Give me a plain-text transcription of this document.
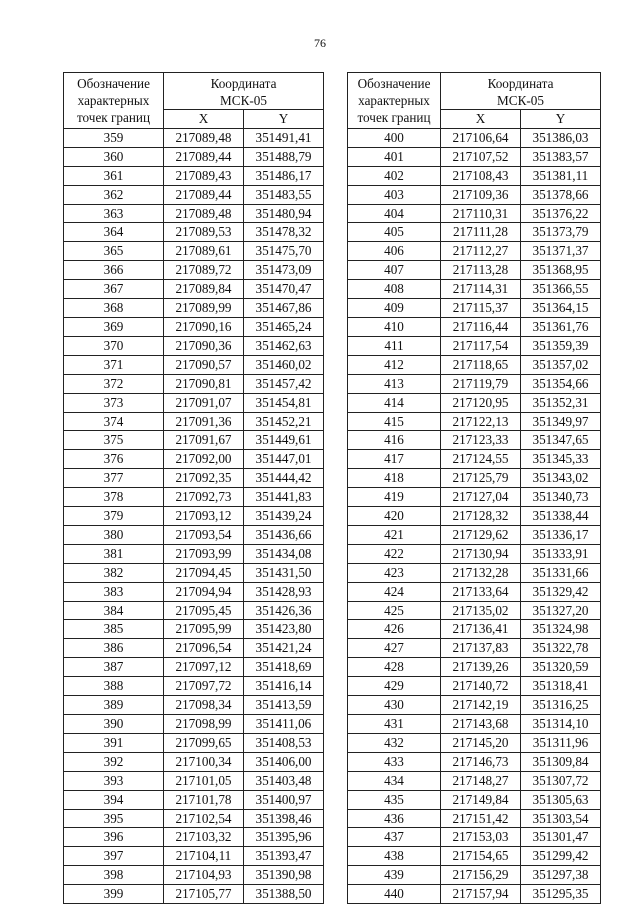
76
Обозначение
характерных
точек границ	Координата
МСК-05	
	X	Y
359	217089,48	351491,41
360	217089,44	351488,79
361	217089,43	351486,17
362	217089,44	351483,55
363	217089,48	351480,94
364	217089,53	351478,32
365	217089,61	351475,70
366	217089,72	351473,09
367	217089,84	351470,47
368	217089,99	351467,86
369	217090,16	351465,24
370	217090,36	351462,63
371	217090,57	351460,02
372	217090,81	351457,42
373	217091,07	351454,81
374	217091,36	351452,21
375	217091,67	351449,61
376	217092,00	351447,01
377	217092,35	351444,42
378	217092,73	351441,83
379	217093,12	351439,24
380	217093,54	351436,66
381	217093,99	351434,08
382	217094,45	351431,50
383	217094,94	351428,93
384	217095,45	351426,36
385	217095,99	351423,80
386	217096,54	351421,24
387	217097,12	351418,69
388	217097,72	351416,14
389	217098,34	351413,59
390	217098,99	351411,06
391	217099,65	351408,53
392	217100,34	351406,00
393	217101,05	351403,48
394	217101,78	351400,97
395	217102,54	351398,46
396	217103,32	351395,96
397	217104,11	351393,47
398	217104,93	351390,98
399	217105,77	351388,50
Обозначение
характерных
точек границ	Координата
МСК-05	
	X	Y
400	217106,64	351386,03
401	217107,52	351383,57
402	217108,43	351381,11
403	217109,36	351378,66
404	217110,31	351376,22
405	217111,28	351373,79
406	217112,27	351371,37
407	217113,28	351368,95
408	217114,31	351366,55
409	217115,37	351364,15
410	217116,44	351361,76
411	217117,54	351359,39
412	217118,65	351357,02
413	217119,79	351354,66
414	217120,95	351352,31
415	217122,13	351349,97
416	217123,33	351347,65
417	217124,55	351345,33
418	217125,79	351343,02
419	217127,04	351340,73
420	217128,32	351338,44
421	217129,62	351336,17
422	217130,94	351333,91
423	217132,28	351331,66
424	217133,64	351329,42
425	217135,02	351327,20
426	217136,41	351324,98
427	217137,83	351322,78
428	217139,26	351320,59
429	217140,72	351318,41
430	217142,19	351316,25
431	217143,68	351314,10
432	217145,20	351311,96
433	217146,73	351309,84
434	217148,27	351307,72
435	217149,84	351305,63
436	217151,42	351303,54
437	217153,03	351301,47
438	217154,65	351299,42
439	217156,29	351297,38
440	217157,94	351295,35
